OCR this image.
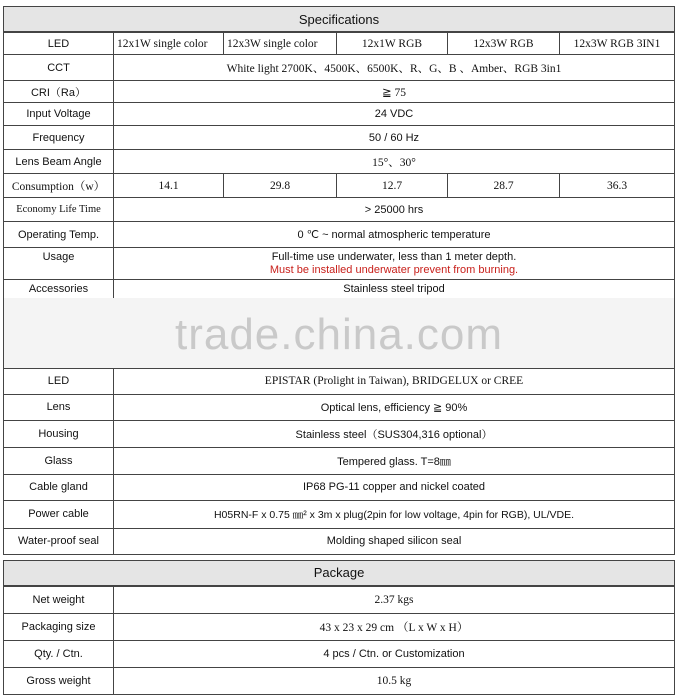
Specifications
LED	12x1W single color	12x3W single color	12x1W RGB	12x3W RGB	12x3W RGB 3IN1
CCT	White light 2700K、4500K、6500K、R、G、B 、Amber、RGB 3in1				
CRI（Ra）	≧ 75				
Input Voltage	24 VDC				
Frequency	50 / 60 Hz				
Lens Beam Angle	15°、30°				
Consumption（w）	14.1	29.8	12.7	28.7	36.3
Economy Life Time	> 25000 hrs				
Operating Temp.	0 ℃ ~ normal atmospheric temperature				
Usage	Full-time use underwater, less than 1 meter depth.
Must be installed underwater prevent from burning.				

Accessories	Stainless steel tripod				
trade.china.com
LED	EPISTAR (Prolight in Taiwan), BRIDGELUX or CREE
Lens	Optical lens, efficiency ≧ 90%
Housing	Stainless steel（SUS304,316 optional）
Glass	Tempered glass. T=8㎜
Cable gland	IP68 PG-11 copper and nickel coated
Power cable	H05RN-F x 0.75 ㎜² x 3m x plug(2pin for low voltage, 4pin for RGB), UL/VDE.
Water-proof seal	Molding shaped silicon seal
Package
Net weight	2.37 kgs
Packaging size	43 x 23 x 29 cm （L x W x H）
Qty. / Ctn.	4 pcs / Ctn. or Customization
Gross weight	10.5 kg
